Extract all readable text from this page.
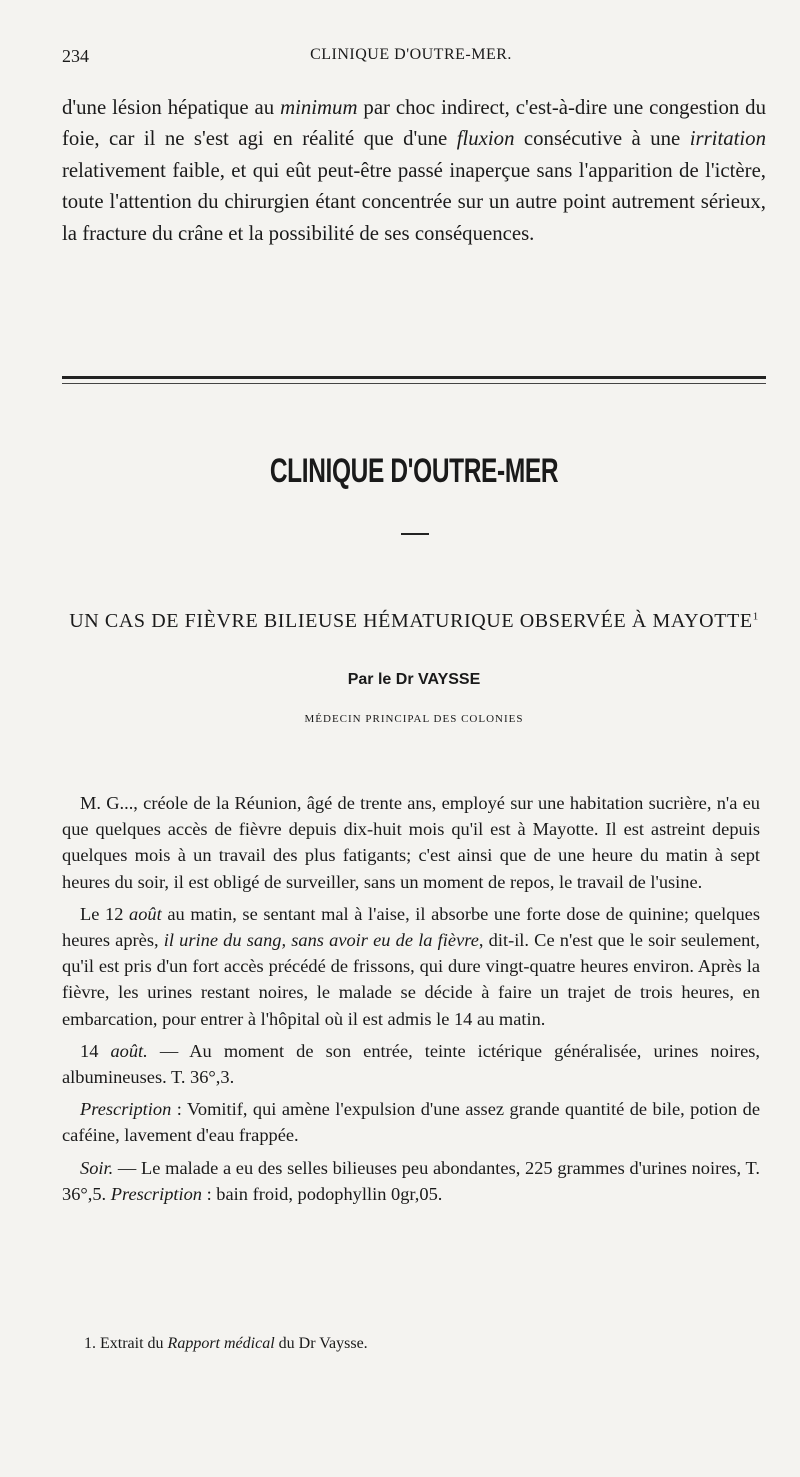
234	CLINIQUE D'OUTRE-MER.

d'une lésion hépatique au minimum par choc indirect, c'est-à-dire une congestion du foie, car il ne s'est agi en réalité que d'une fluxion consécutive à une irritation relativement faible, et qui eût peut-être passé inaperçue sans l'apparition de l'ictère, toute l'attention du chirurgien étant concentrée sur un autre point autrement sérieux, la fracture du crâne et la possibilité de ses conséquences.

CLINIQUE D'OUTRE-MER
UN CAS DE FIÈVRE BILIEUSE HÉMATURIQUE OBSERVÉE À MAYOTTE$^1$
Par le Dr VAYSSE
MÉDECIN PRINCIPAL DES COLONIES

M. G..., créole de la Réunion, âgé de trente ans, employé sur une habitation sucrière, n'a eu que quelques accès de fièvre depuis dix-huit mois qu'il est à Mayotte. Il est astreint depuis quelques mois à un travail des plus fatigants; c'est ainsi que de une heure du matin à sept heures du soir, il est obligé de surveiller, sans un moment de repos, le travail de l'usine.

Le 12 août au matin, se sentant mal à l'aise, il absorbe une forte dose de quinine; quelques heures après, il urine du sang, sans avoir eu de la fièvre, dit-il. Ce n'est que le soir seulement, qu'il est pris d'un fort accès précédé de frissons, qui dure vingt-quatre heures environ. Après la fièvre, les urines restant noires, le malade se décide à faire un trajet de trois heures, en embarcation, pour entrer à l'hôpital où il est admis le 14 au matin.

14 août. — Au moment de son entrée, teinte ictérique généralisée, urines noires, albumineuses. T. 36°,3.

Prescription : Vomitif, qui amène l'expulsion d'une assez grande quantité de bile, potion de caféine, lavement d'eau frappée.

Soir. — Le malade a eu des selles bilieuses peu abondantes, 225 grammes d'urines noires, T. 36°,5. Prescription : bain froid, podophyllin 0gr,05.

1. Extrait du Rapport médical du Dr Vaysse.
